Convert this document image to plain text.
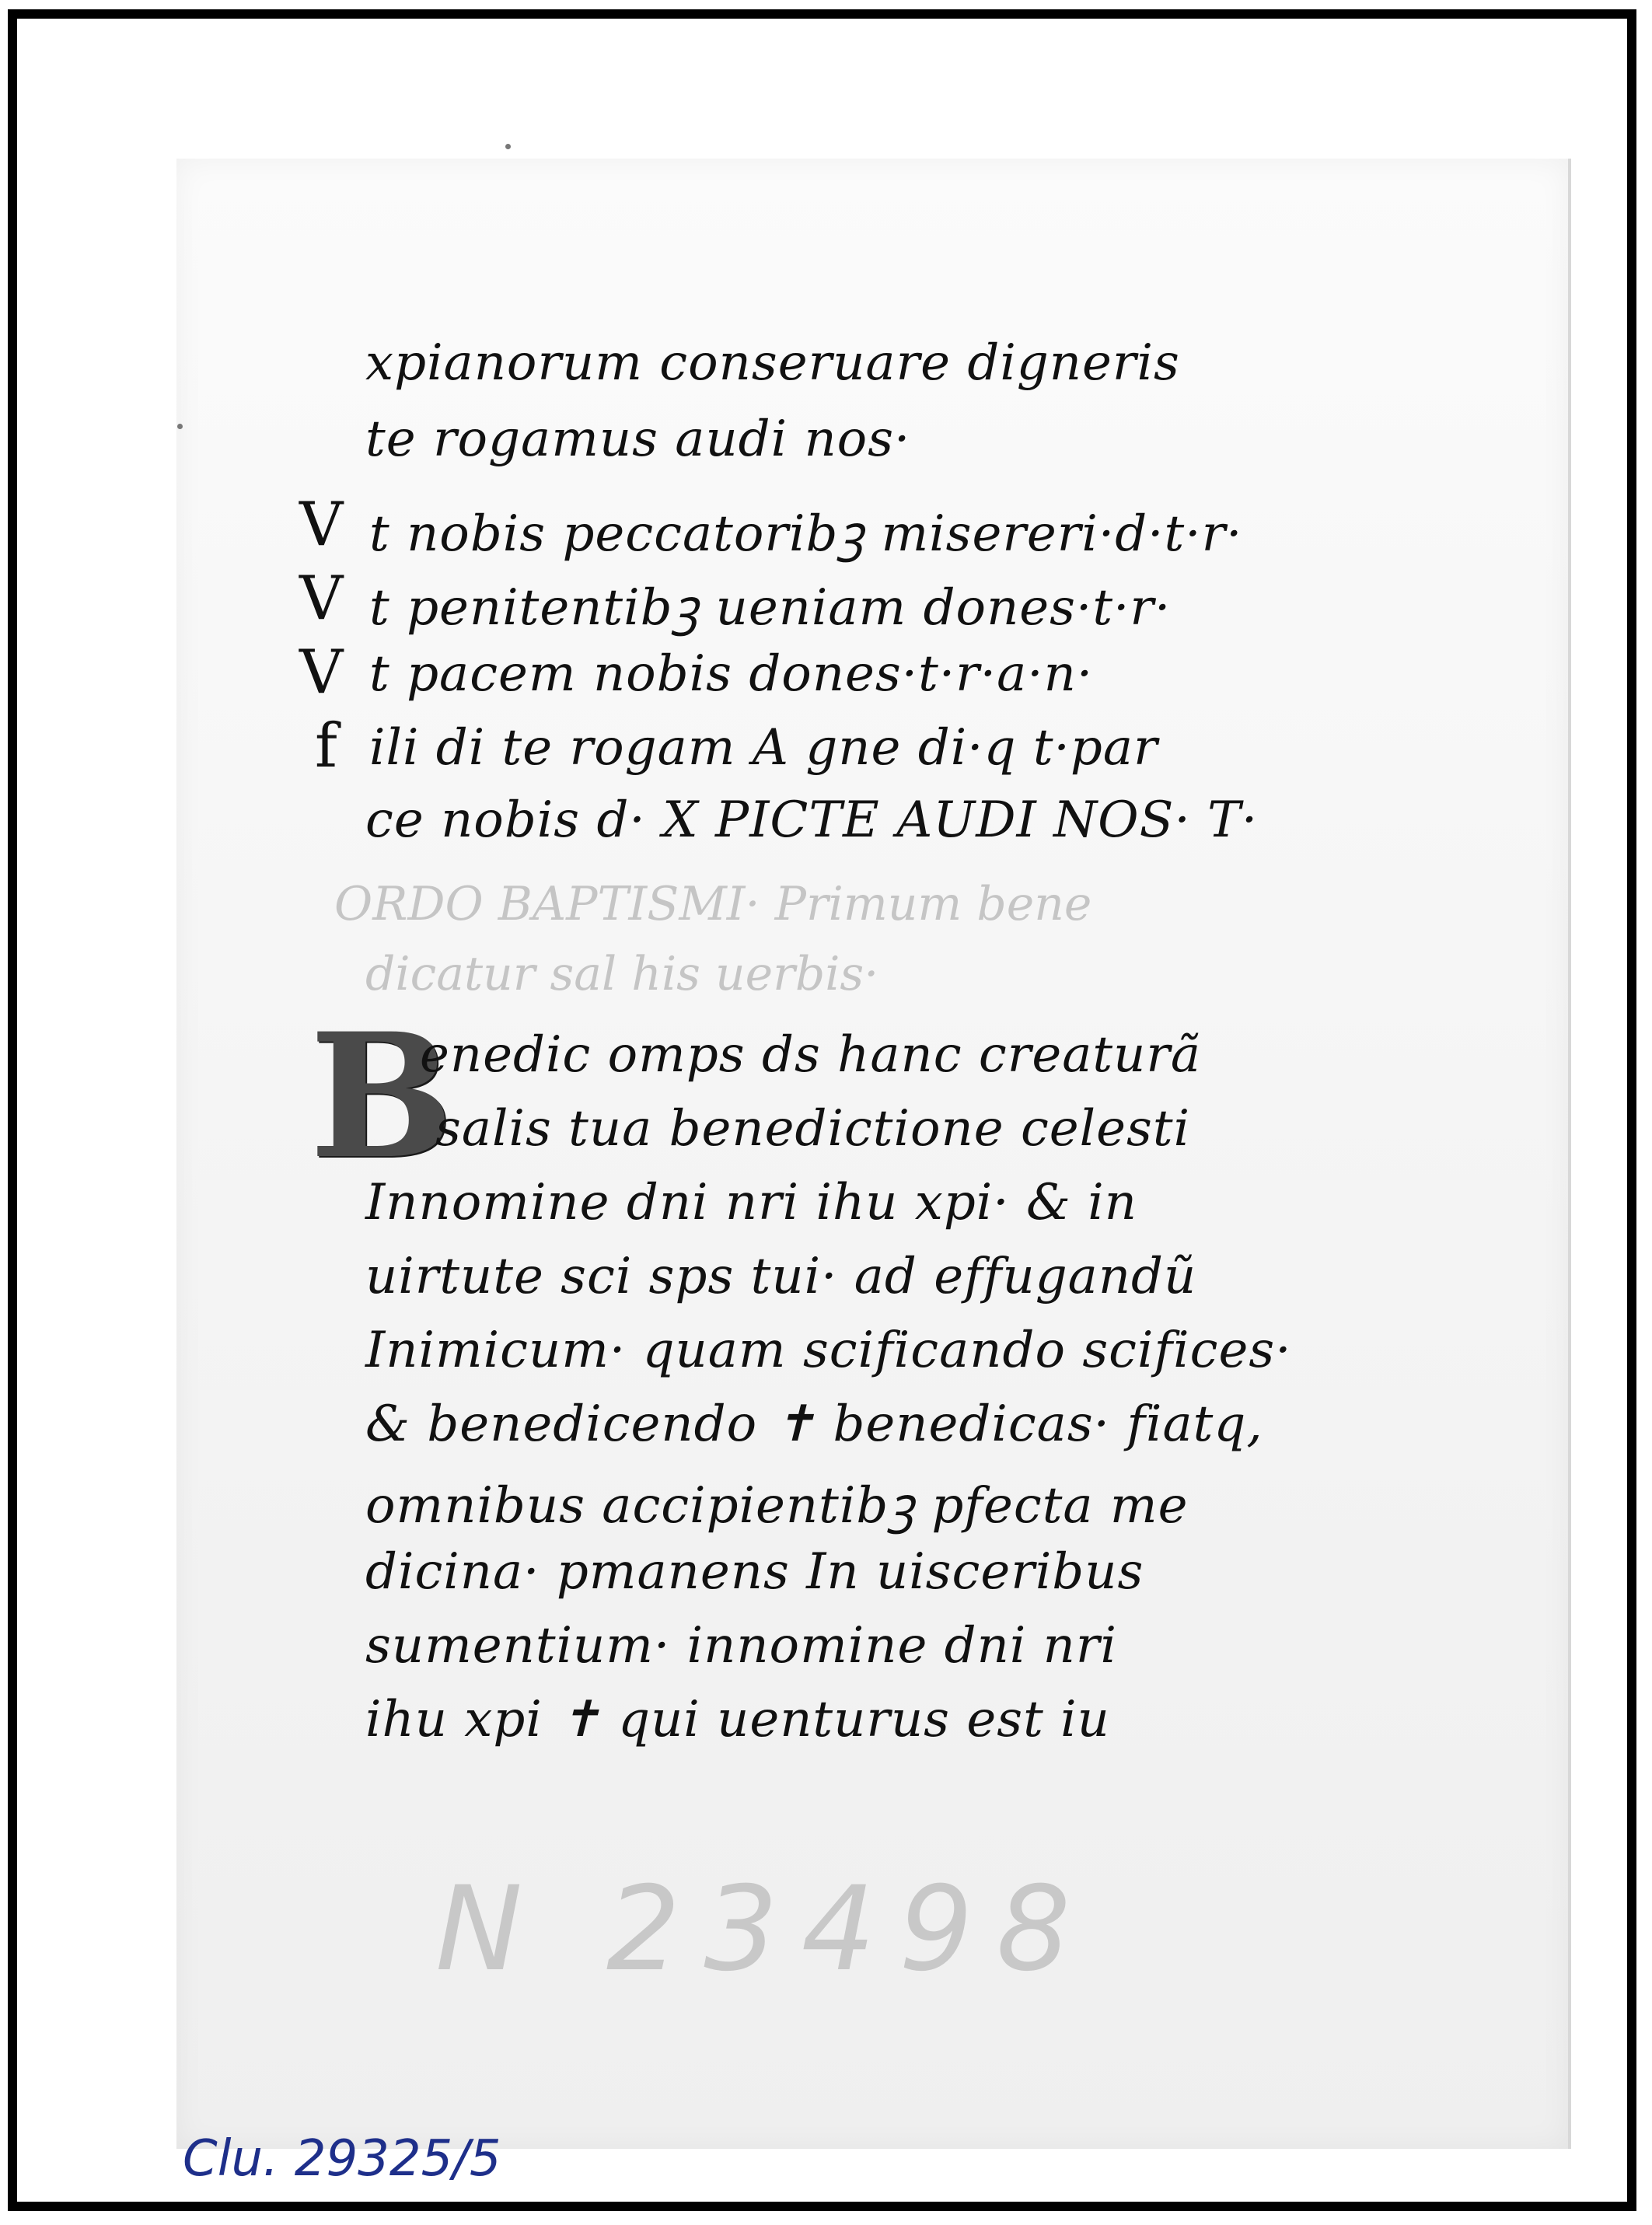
xpianorum conseruare digneris
te rogamus audi nos·
V t nobis peccatoribꝫ misereri·d·t·r·
V t penitentibꝫ ueniam dones·t·r·
V t pacem nobis dones·t·r·a·n·
f ili di te rogam A gne di·q t·par
ce nobis d· X PICTE AUDI NOS· T·
ORDO BAPTISMI· Primum bene
dicatur sal his uerbis·
B
enedic omps ds hanc creaturã
salis tua benedictione celesti
Innomine dni nri ihu xpi· & in
uirtute sci sps tui· ad effugandũ
Inimicum· quam scificando scifices·
& benedicendo ✝ benedicas· fiatq,
omnibus accipientibꝫ pfecta me
dicina· pmanens In uisceribus
sumentium· innomine dni nri
ihu xpi ✝ qui uenturus est iu
N 23498
Clu. 29325/5
